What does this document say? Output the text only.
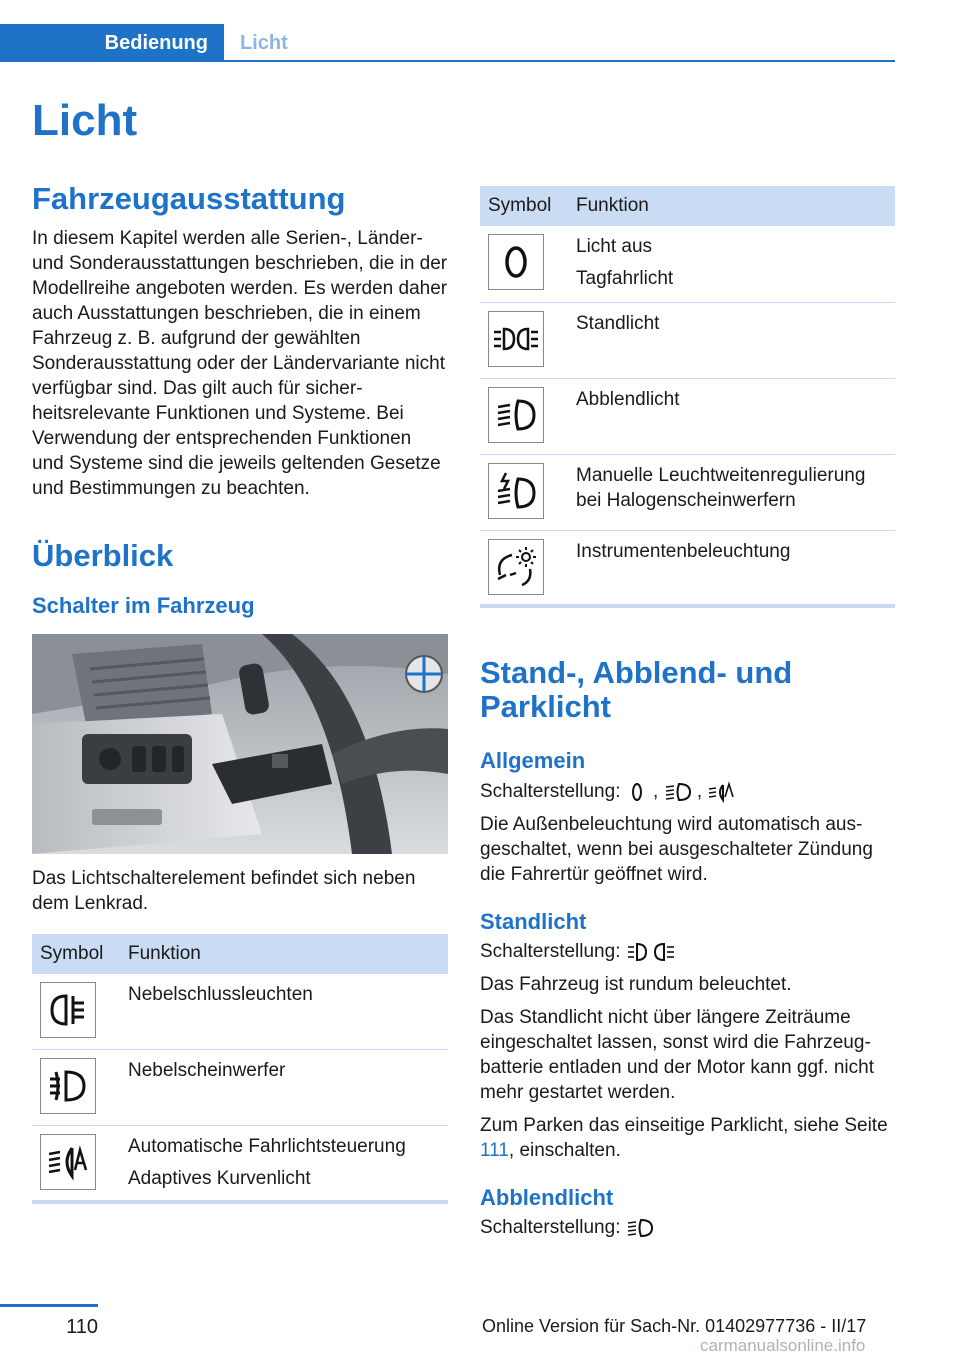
Bedienung	Licht
Licht
Fahrzeugausstattung

In diesem Kapitel werden alle Serien-, Länder- und Sonderausstattungen beschrieben, die in der Modellreihe angeboten werden. Es werden daher auch Ausstattungen beschrieben, die in einem Fahrzeug z. B. aufgrund der gewählten Sonderausstattung oder der Ländervariante nicht verfügbar sind. Das gilt auch für sicherheitsrelevante Funktionen und Systeme. Bei Verwendung der entsprechenden Funktionen und Systeme sind die jeweils geltenden Gesetze und Bestimmungen zu beachten.

Überblick
Schalter im Fahrzeug

Das Lichtschalterelement befindet sich neben dem Lenkrad.

Symbol	Funktion

Nebelschlussleuchten

Nebelscheinwerfer

Automatische Fahrlichtsteuerung
Adaptives Kurvenlicht
Symbol	Funktion

Licht aus
Tagfahrlicht

Standlicht

Abblendlicht

Manuelle Leuchtweitenregulierung bei Halogenscheinwerfern

Instrumentenbeleuchtung
Stand-, Abblend- und Parklicht
Allgemein

Schalterstellung: , ,

Die Außenbeleuchtung wird automatisch ausgeschaltet, wenn bei ausgeschalteter Zündung die Fahrertür geöffnet wird.

Standlicht

Schalterstellung:

Das Fahrzeug ist rundum beleuchtet.

Das Standlicht nicht über längere Zeiträume eingeschaltet lassen, sonst wird die Fahrzeugbatterie entladen und der Motor kann ggf. nicht mehr gestartet werden.

Zum Parken das einseitige Parklicht, siehe Seite 111, einschalten.

Abblendlicht

Schalterstellung:

110	Online Version für Sach-Nr. 01402977736 - II/17
carmanualsonline.info
